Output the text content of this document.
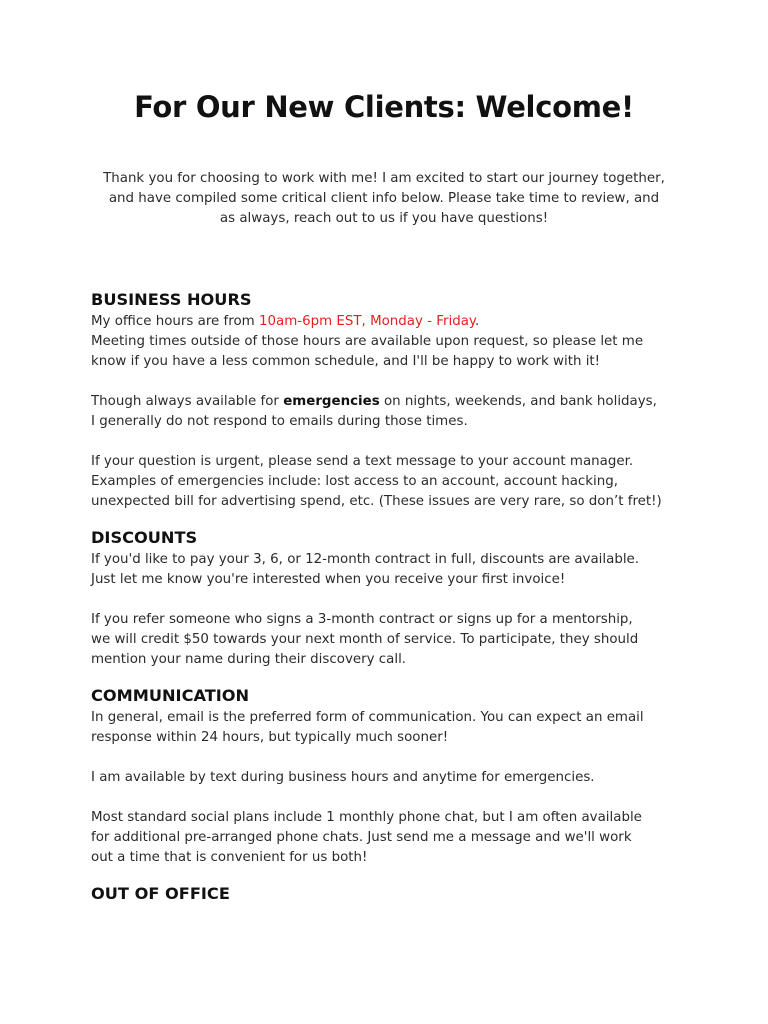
For Our New Clients: Welcome!
Thank you for choosing to work with me! I am excited to start our journey together,
and have compiled some critical client info below. Please take time to review, and
as always, reach out to us if you have questions!
BUSINESS HOURS

My office hours are from 10am-6pm EST, Monday - Friday.

Meeting times outside of those hours are available upon request, so please let me

know if you have a less common schedule, and I'll be happy to work with it!

Though always available for emergencies on nights, weekends, and bank holidays,

I generally do not respond to emails during those times.

If your question is urgent, please send a text message to your account manager.

Examples of emergencies include: lost access to an account, account hacking,

unexpected bill for advertising spend, etc. (These issues are very rare, so don’t fret!)

DISCOUNTS

If you'd like to pay your 3, 6, or 12-month contract in full, discounts are available.

Just let me know you're interested when you receive your first invoice!

If you refer someone who signs a 3-month contract or signs up for a mentorship,

we will credit $50 towards your next month of service. To participate, they should

mention your name during their discovery call.

COMMUNICATION

In general, email is the preferred form of communication. You can expect an email

response within 24 hours, but typically much sooner!

I am available by text during business hours and anytime for emergencies.

Most standard social plans include 1 monthly phone chat, but I am often available

for additional pre-arranged phone chats. Just send me a message and we'll work

out a time that is convenient for us both!

OUT OF OFFICE
